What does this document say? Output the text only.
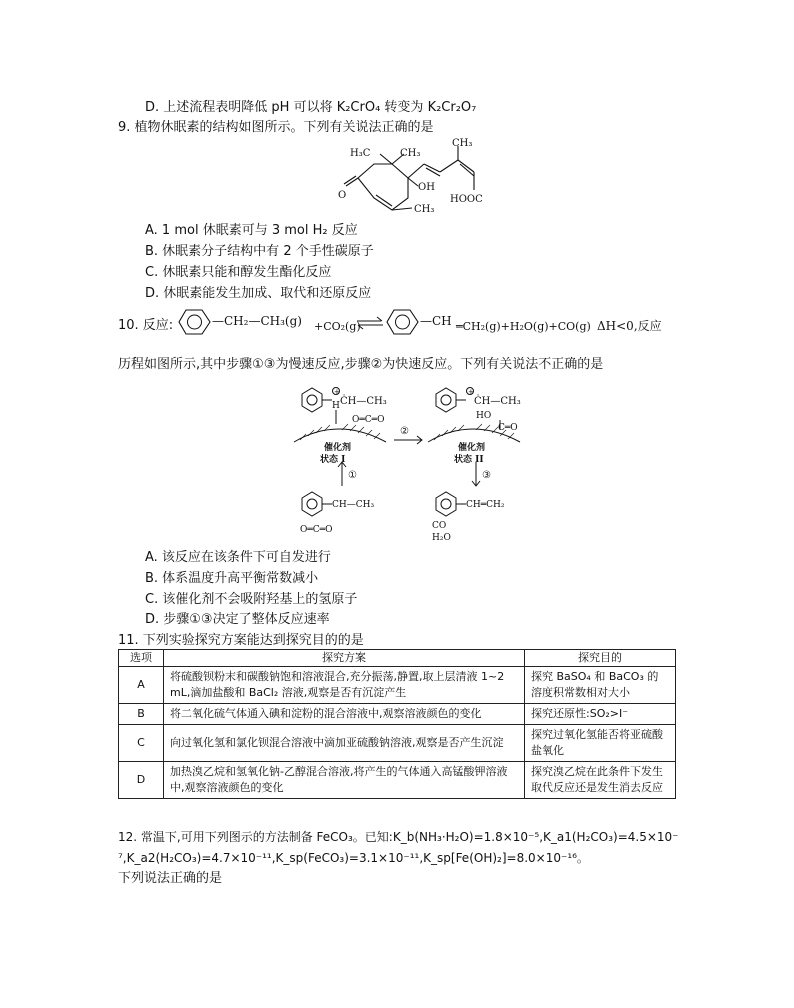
D. 上述流程表明降低 pH 可以将 K₂CrO₄ 转变为 K₂Cr₂O₇
9. 植物休眠素的结构如图所示。下列有关说法正确的是
H₃C	CH₃
CH₃
OH
CH₃
O	HOOC
A. 1 mol 休眠素可与 3 mol H₂ 反应
B. 休眠素分子结构中有 2 个手性碳原子
C. 休眠素只能和醇发生酯化反应
D. 休眠素能发生加成、取代和还原反应
10. 反应:	—CH₂—CH₃(g) +CO₂(g)	—CH ═CH₂(g)+H₂O(g)+CO(g) ΔH<0,反应
历程如图所示,其中步骤①③为慢速反应,步骤②为快速反应。下列有关说法不正确的是
+
ĊH—CH₃
H
O═C═O
催化剂
状态 I
②
①
+
ĊH—CH₃
HO
C═O
催化剂
状态 II
③
CH—CH₃
O═C═O
CH═CH₂
CO
H₂O
A. 该反应在该条件下可自发进行
B. 体系温度升高平衡常数减小
C. 该催化剂不会吸附羟基上的氢原子
D. 步骤①③决定了整体反应速率
11. 下列实验探究方案能达到探究目的的是
选项	探究方案	探究目的
A	将硫酸钡粉末和碳酸钠饱和溶液混合,充分振荡,静置,取上层清液 1~2 mL,滴加盐酸和 BaCl₂ 溶液,观察是否有沉淀产生	探究 BaSO₄ 和 BaCO₃ 的溶度积常数相对大小
B	将二氧化硫气体通入碘和淀粉的混合溶液中,观察溶液颜色的变化	探究还原性:SO₂>I⁻
C	向过氧化氢和氯化钡混合溶液中滴加亚硫酸钠溶液,观察是否产生沉淀	探究过氧化氢能否将亚硫酸盐氧化
D	加热溴乙烷和氢氧化钠-乙醇混合溶液,将产生的气体通入高锰酸钾溶液中,观察溶液颜色的变化	探究溴乙烷在此条件下发生取代反应还是发生消去反应
12. 常温下,可用下列图示的方法制备 FeCO₃。已知:K_b(NH₃·H₂O)=1.8×10⁻⁵,K_a1(H₂CO₃)=4.5×10⁻
⁷,K_a2(H₂CO₃)=4.7×10⁻¹¹,K_sp(FeCO₃)=3.1×10⁻¹¹,K_sp[Fe(OH)₂]=8.0×10⁻¹⁶。
下列说法正确的是
